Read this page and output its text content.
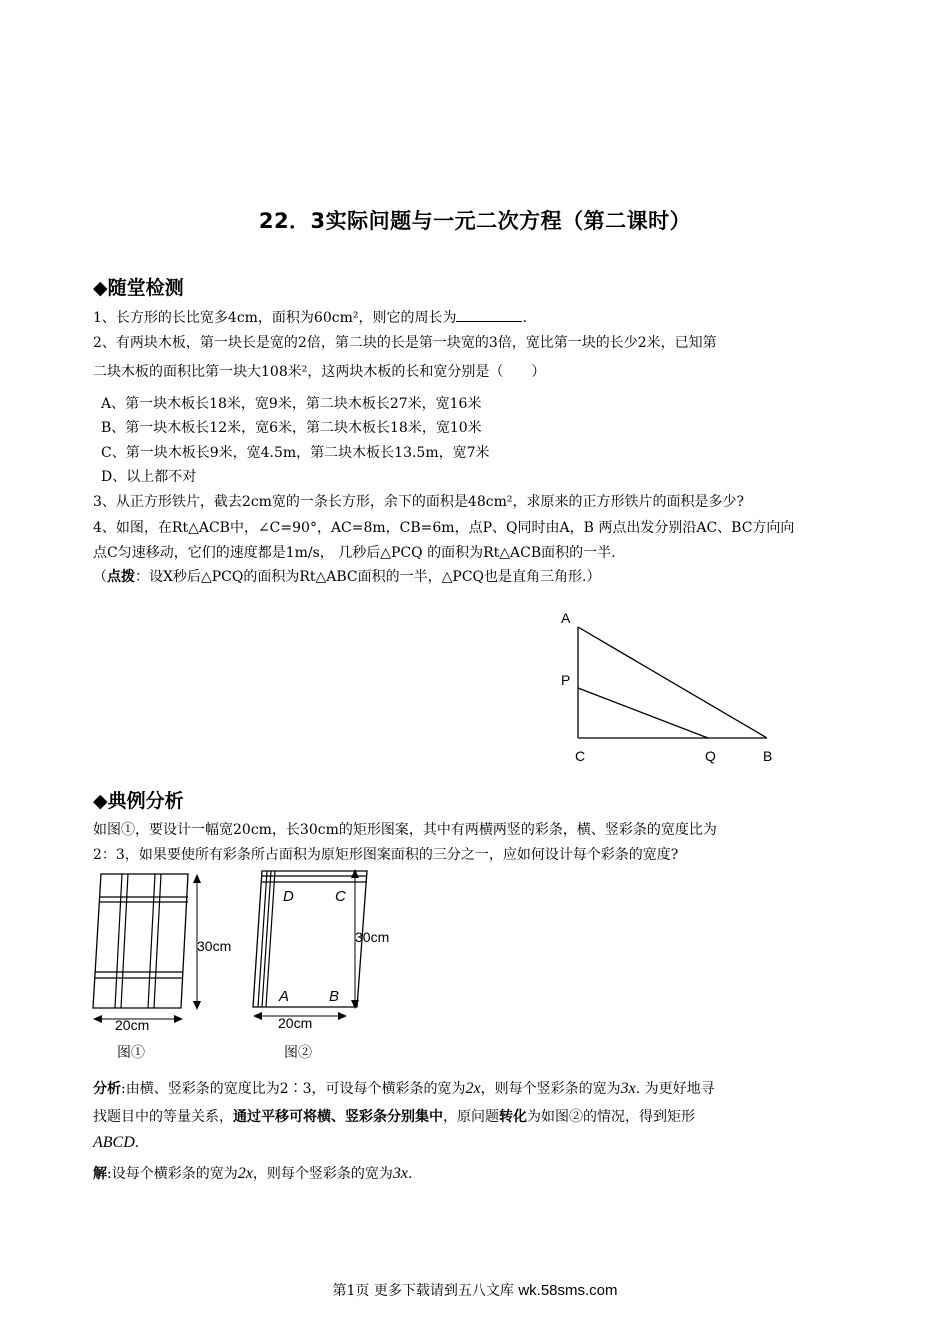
22．3实际问题与一元二次方程（第二课时）
◆随堂检测
1、长方形的长比宽多4cm，面积为60cm²，则它的周长为	.
2、有两块木板，第一块长是宽的2倍，第二块的长是第一块宽的3倍，宽比第一块的长少2米，已知第
二块木板的面积比第一块大108米²，这两块木板的长和宽分别是（　　）
A、第一块木板长18米，宽9米，第二块木板长27米，宽16米
B、第一块木板长12米，宽6米，第二块木板长18米，宽10米
C、第一块木板长9米，宽4.5m，第二块木板长13.5m，宽7米
D、以上都不对
3、从正方形铁片，截去2cm宽的一条长方形，余下的面积是48cm²，求原来的正方形铁片的面积是多少?
4、如图，在Rt△ACB中，∠C=90°，AC=8m，CB=6m，点P、Q同时由A，B 两点出发分别沿AC、BC方向向
点C匀速移动，它们的速度都是1m/s， 几秒后△PCQ 的面积为Rt△ACB面积的一半.
（点拨：设X秒后△PCQ的面积为Rt△ABC面积的一半，△PCQ也是直角三角形.）
A
P
C	Q	B
◆典例分析
如图①，要设计一幅宽20cm，长30cm的矩形图案，其中有两横两竖的彩条，横、竖彩条的宽度比为
2：3，如果要使所有彩条所占面积为原矩形图案面积的三分之一，应如何设计每个彩条的宽度?
30cm
20cm
图①
D	C
A	B
30cm
20cm
图②
分析:由横、竖彩条的宽度比为2∶3，可设每个横彩条的宽为2x，则每个竖彩条的宽为3x. 为更好地寻
找题目中的等量关系，通过平移可将横、竖彩条分别集中，原问题转化为如图②的情况，得到矩形
ABCD.
解:设每个横彩条的宽为2x，则每个竖彩条的宽为3x.
第1页 更多下载请到五八文库 wk.58sms.com
